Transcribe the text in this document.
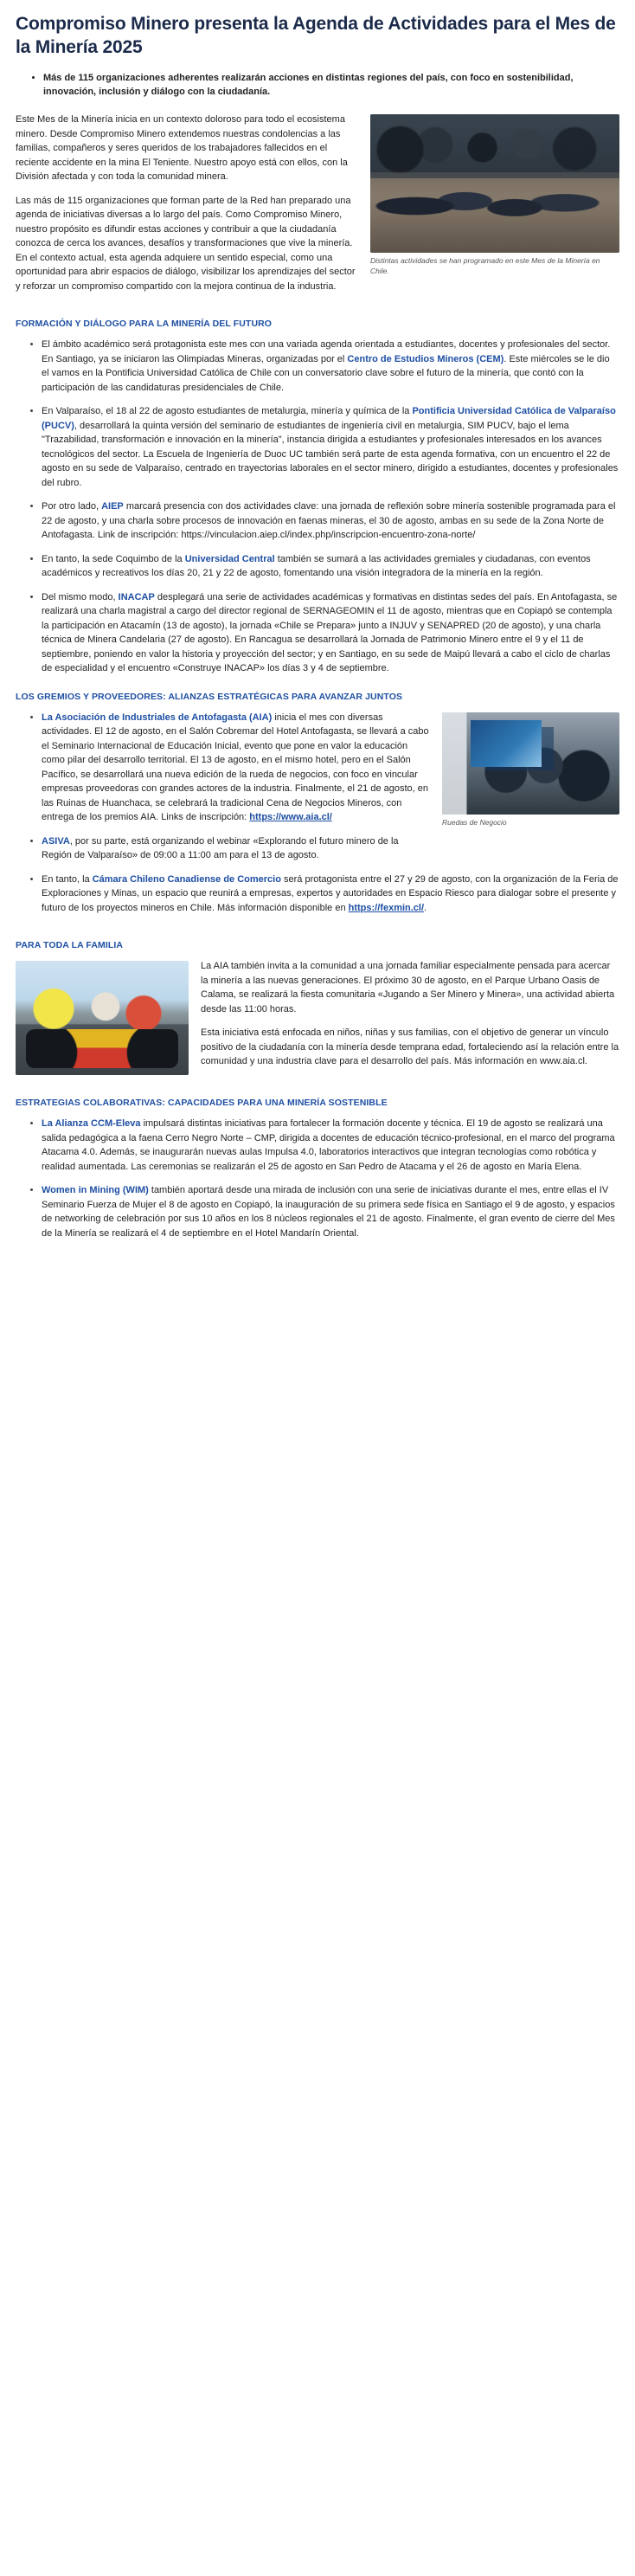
Compromiso Minero presenta la Agenda de Actividades para el Mes de la Minería 2025
• Más de 115 organizaciones adherentes realizarán acciones en distintas regiones del país, con foco en sostenibilidad, innovación, inclusión y diálogo con la ciudadanía.
Distintas actividades se han programado en este Mes de la Minería en Chile.

Este Mes de la Minería inicia en un contexto doloroso para todo el ecosistema minero. Desde Compromiso Minero extendemos nuestras condolencias a las familias, compañeros y seres queridos de los trabajadores fallecidos en el reciente accidente en la mina El Teniente. Nuestro apoyo está con ellos, con la División afectada y con toda la comunidad minera.

Las más de 115 organizaciones que forman parte de la Red han preparado una agenda de iniciativas diversas a lo largo del país. Como Compromiso Minero, nuestro propósito es difundir estas acciones y contribuir a que la ciudadanía conozca de cerca los avances, desafíos y transformaciones que vive la minería. En el contexto actual, esta agenda adquiere un sentido especial, como una oportunidad para abrir espacios de diálogo, visibilizar los aprendizajes del sector y reforzar un compromiso compartido con la mejora continua de la industria.

FORMACIÓN Y DIÁLOGO PARA LA MINERÍA DEL FUTURO
• El ámbito académico será protagonista este mes con una variada agenda orientada a estudiantes, docentes y profesionales del sector. En Santiago, ya se iniciaron las Olimpiadas Mineras, organizadas por el Centro de Estudios Mineros (CEM). Este miércoles se le dio el vamos en la Pontificia Universidad Católica de Chile con un conversatorio clave sobre el futuro de la minería, que contó con la participación de las candidaturas presidenciales de Chile.
• En Valparaíso, el 18 al 22 de agosto estudiantes de metalurgia, minería y química de la Pontificia Universidad Católica de Valparaíso (PUCV), desarrollará la quinta versión del seminario de estudiantes de ingeniería civil en metalurgia, SIM PUCV, bajo el lema "Trazabilidad, transformación e innovación en la minería", instancia dirigida a estudiantes y profesionales interesados en los avances tecnológicos del sector. La Escuela de Ingeniería de Duoc UC también será parte de esta agenda formativa, con un encuentro el 22 de agosto en su sede de Valparaíso, centrado en trayectorias laborales en el sector minero, dirigido a estudiantes, docentes y profesionales del rubro.
• Por otro lado, AIEP marcará presencia con dos actividades clave: una jornada de reflexión sobre minería sostenible programada para el 22 de agosto, y una charla sobre procesos de innovación en faenas mineras, el 30 de agosto, ambas en su sede de la Zona Norte de Antofagasta. Link de inscripción: https://vinculacion.aiep.cl/index.php/inscripcion-encuentro-zona-norte/
• En tanto, la sede Coquimbo de la Universidad Central también se sumará a las actividades gremiales y ciudadanas, con eventos académicos y recreativos los días 20, 21 y 22 de agosto, fomentando una visión integradora de la minería en la región.
• Del mismo modo, INACAP desplegará una serie de actividades académicas y formativas en distintas sedes del país. En Antofagasta, se realizará una charla magistral a cargo del director regional de SERNAGEOMIN el 11 de agosto, mientras que en Copiapó se contempla la participación en Atacamín (13 de agosto), la jornada «Chile se Prepara» junto a INJUV y SENAPRED (20 de agosto), y una charla técnica de Minera Candelaria (27 de agosto). En Rancagua se desarrollará la Jornada de Patrimonio Minero entre el 9 y el 11 de septiembre, poniendo en valor la historia y proyección del sector; y en Santiago, en su sede de Maipú llevará a cabo el ciclo de charlas de especialidad y el encuentro «Construye INACAP» los días 3 y 4 de septiembre.
LOS GREMIOS Y PROVEEDORES: ALIANZAS ESTRATÉGICAS PARA AVANZAR JUNTOS
Ruedas de Negocio
• La Asociación de Industriales de Antofagasta (AIA) inicia el mes con diversas actividades. El 12 de agosto, en el Salón Cobremar del Hotel Antofagasta, se llevará a cabo el Seminario Internacional de Educación Inicial, evento que pone en valor la educación como pilar del desarrollo territorial. El 13 de agosto, en el mismo hotel, pero en el Salón Pacífico, se desarrollará una nueva edición de la rueda de negocios, con foco en vincular empresas proveedoras con grandes actores de la industria. Finalmente, el 21 de agosto, en las Ruinas de Huanchaca, se celebrará la tradicional Cena de Negocios Mineros, con entrega de los premios AIA. Links de inscripción: https://www.aia.cl/
• ASIVA, por su parte, está organizando el webinar «Explorando el futuro minero de la Región de Valparaíso» de 09:00 a 11:00 am para el 13 de agosto.
• En tanto, la Cámara Chileno Canadiense de Comercio será protagonista entre el 27 y 29 de agosto, con la organización de la Feria de Exploraciones y Minas, un espacio que reunirá a empresas, expertos y autoridades en Espacio Riesco para dialogar sobre el presente y futuro de los proyectos mineros en Chile. Más información disponible en https://fexmin.cl/.
PARA TODA LA FAMILIA

La AIA también invita a la comunidad a una jornada familiar especialmente pensada para acercar la minería a las nuevas generaciones. El próximo 30 de agosto, en el Parque Urbano Oasis de Calama, se realizará la fiesta comunitaria «Jugando a Ser Minero y Minera», una actividad abierta desde las 11:00 horas.

Esta iniciativa está enfocada en niños, niñas y sus familias, con el objetivo de generar un vínculo positivo de la ciudadanía con la minería desde temprana edad, fortaleciendo así la relación entre la comunidad y una industria clave para el desarrollo del país. Más información en www.aia.cl.

ESTRATEGIAS COLABORATIVAS: CAPACIDADES PARA UNA MINERÍA SOSTENIBLE
• La Alianza CCM-Eleva impulsará distintas iniciativas para fortalecer la formación docente y técnica. El 19 de agosto se realizará una salida pedagógica a la faena Cerro Negro Norte – CMP, dirigida a docentes de educación técnico-profesional, en el marco del programa Atacama 4.0. Además, se inaugurarán nuevas aulas Impulsa 4.0, laboratorios interactivos que integran tecnologías como robótica y realidad aumentada. Las ceremonias se realizarán el 25 de agosto en San Pedro de Atacama y el 26 de agosto en María Elena.
• Women in Mining (WIM) también aportará desde una mirada de inclusión con una serie de iniciativas durante el mes, entre ellas el IV Seminario Fuerza de Mujer el 8 de agosto en Copiapó, la inauguración de su primera sede física en Santiago el 9 de agosto, y espacios de networking de celebración por sus 10 años en los 8 núcleos regionales el 21 de agosto. Finalmente, el gran evento de cierre del Mes de la Minería se realizará el 4 de septiembre en el Hotel Mandarín Oriental.
